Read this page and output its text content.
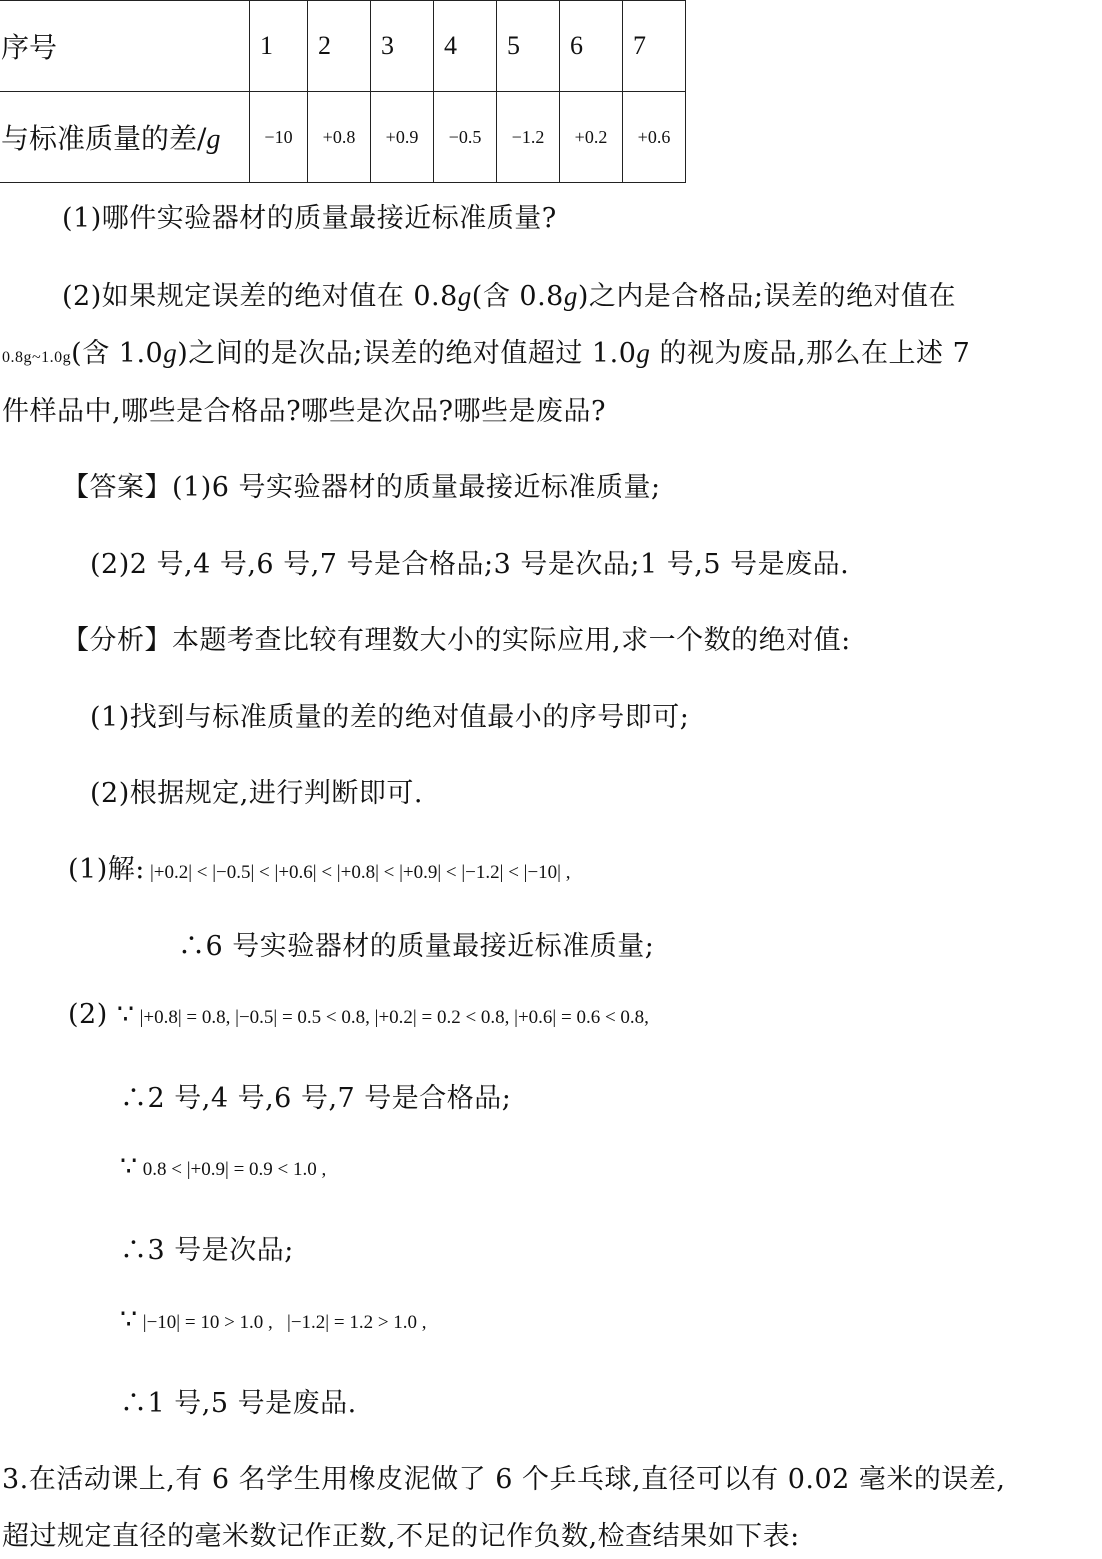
序号	1	2	3	4	5	6	7
与标准质量的差/g	−10	+0.8	+0.9	−0.5	−1.2	+0.2	+0.6
(1)哪件实验器材的质量最接近标准质量?
(2)如果规定误差的绝对值在 0.8g(含 0.8g)之内是合格品;误差的绝对值在
0.8g~1.0g(含 1.0g)之间的是次品;误差的绝对值超过 1.0g 的视为废品,那么在上述 7
件样品中,哪些是合格品?哪些是次品?哪些是废品?
【答案】(1)6 号实验器材的质量最接近标准质量;
(2)2 号,4 号,6 号,7 号是合格品;3 号是次品;1 号,5 号是废品.
【分析】本题考查比较有理数大小的实际应用,求一个数的绝对值:
(1)找到与标准质量的差的绝对值最小的序号即可;
(2)根据规定,进行判断即可.
(1)解: |+0.2| < |−0.5| < |+0.6| < |+0.8| < |+0.9| < |−1.2| < |−10| ,
∴6 号实验器材的质量最接近标准质量;
(2) ∵ |+0.8| = 0.8, |−0.5| = 0.5 < 0.8, |+0.2| = 0.2 < 0.8, |+0.6| = 0.6 < 0.8,
∴2 号,4 号,6 号,7 号是合格品;
∵ 0.8 < |+0.9| = 0.9 < 1.0 ,
∴3 号是次品;
∵ |−10| = 10 > 1.0 ,   |−1.2| = 1.2 > 1.0 ,
∴1 号,5 号是废品.
3.在活动课上,有 6 名学生用橡皮泥做了 6 个乒乓球,直径可以有 0.02 毫米的误差,
超过规定直径的毫米数记作正数,不足的记作负数,检查结果如下表:
